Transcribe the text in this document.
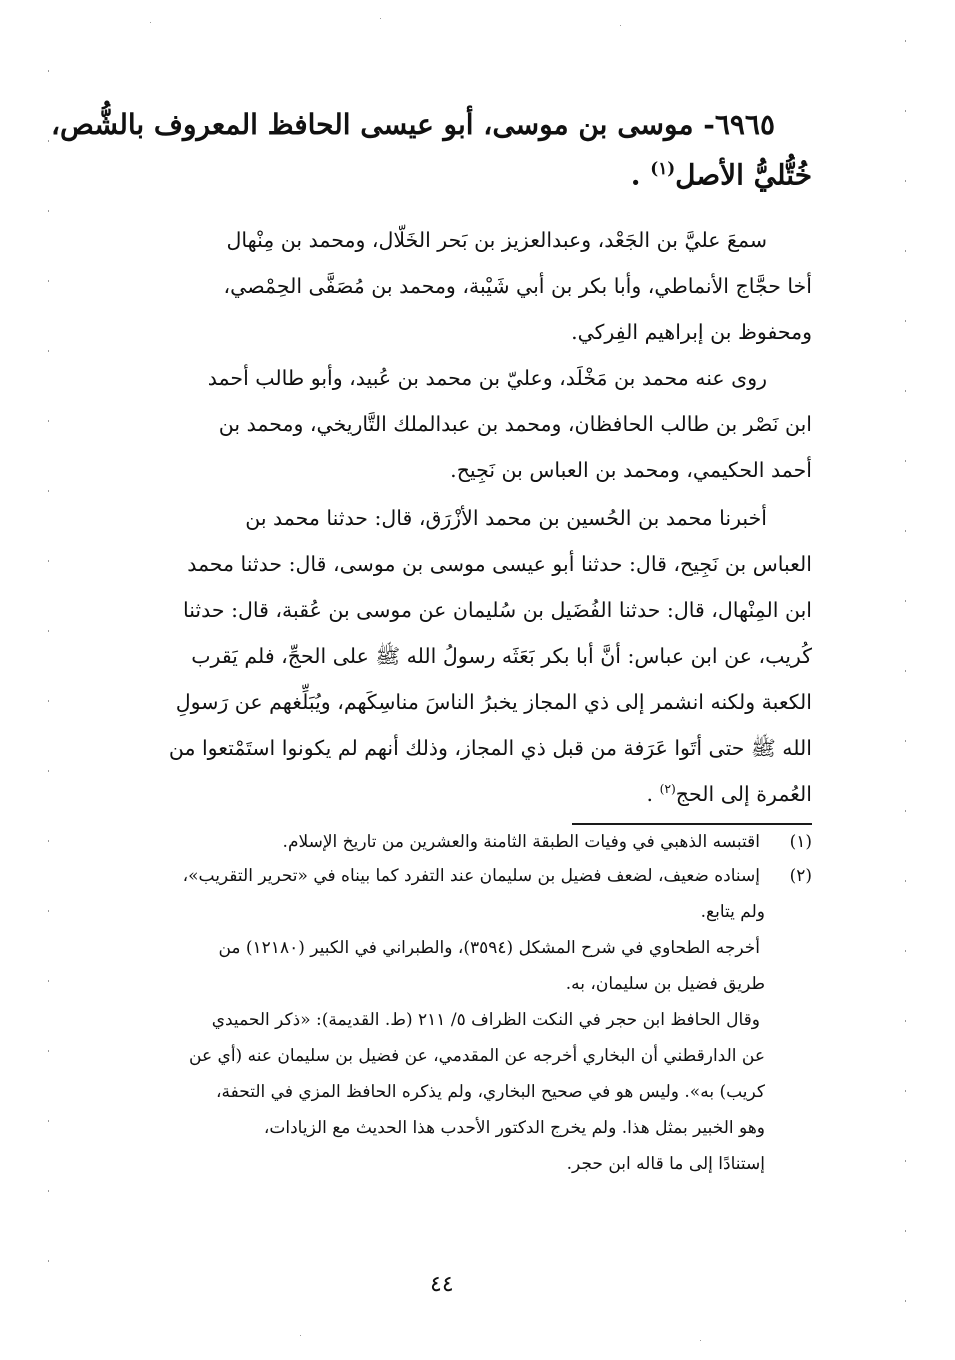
٦٩٦٥- موسى بن موسى، أبو عيسى الحافظ المعروف بالشُّص،
خُتُّليُّ الأصل$^{(١)}$ .
سمعَ عليَّ بن الجَعْد، وعبدالعزيز بن بَحر الخَلّال، ومحمد بن مِنْهال
أخا حجَّاج الأنماطي، وأبا بكر بن أبي شَيْبة، ومحمد بن مُصَفَّى الحِمْصي،
ومحفوظ بن إبراهيم الفِركي.
روى عنه محمد بن مَخْلَد، وعليّ بن محمد بن عُبيد، وأبو طالب أحمد
ابن نَصْر بن طالب الحافظان، ومحمد بن عبدالملك التَّاريخي، ومحمد بن
أحمد الحكيمي، ومحمد بن العباس بن نَجِيح.
أخبرنا محمد بن الحُسين بن محمد الأزْرَق، قال: حدثنا محمد بن
العباس بن نَجِيح، قال: حدثنا أبو عيسى موسى بن موسى، قال: حدثنا محمد
ابن المِنْهال، قال: حدثنا الفُضَيل بن سُليمان عن موسى بن عُقبة، قال: حدثنا
كُريب، عن ابن عباس: أنَّ أبا بكر بَعَثَه رسولُ الله ﷺ على الحجِّ، فلم يَقرب
الكعبة ولكنه انشمر إلى ذي المجاز يخبرُ الناسَ مناسِكَهم، ويُبَلِّغهم عن رَسولِ
الله ﷺ حتى أتَوا عَرَفة من قبل ذي المجاز، وذلك أنهم لم يكونوا استَمْتعوا من
العُمرة إلى الحج$^{(٢)}$ .
(١)
اقتبسه الذهبي في وفيات الطبقة الثامنة والعشرين من تاريخ الإسلام.
(٢)
إسناده ضعيف، لضعف فضيل بن سليمان عند التفرد كما بيناه في «تحرير التقريب»،
ولم يتابع.
أخرجه الطحاوي في شرح المشكل (٣٥٩٤)، والطبراني في الكبير (١٢١٨٠) من
طريق فضيل بن سليمان، به.
وقال الحافظ ابن حجر في النكت الظراف ٥/ ٢١١ (ط. القديمة): «ذكر الحميدي
عن الدارقطني أن البخاري أخرجه عن المقدمي، عن فضيل بن سليمان عنه (أي عن
كريب) به». وليس هو في صحيح البخاري، ولم يذكره الحافظ المزي في التحفة،
وهو الخبير بمثل هذا. ولم يخرج الدكتور الأحدب هذا الحديث مع الزيادات،
إستنادًا إلى ما قاله ابن حجر.
٤٤
